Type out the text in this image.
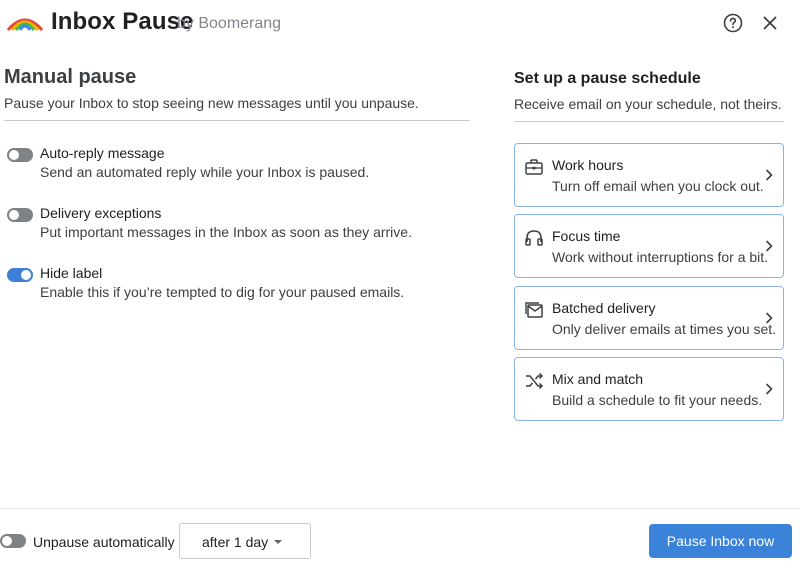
Inbox Pause
by Boomerang
Manual pause
Pause your Inbox to stop seeing new messages until you unpause.
Auto-reply message
Send an automated reply while your Inbox is paused.
Delivery exceptions
Put important messages in the Inbox as soon as they arrive.
Hide label
Enable this if you’re tempted to dig for your paused emails.
Set up a pause schedule
Receive email on your schedule, not theirs.
Work hours
Turn off email when you clock out.
Focus time
Work without interruptions for a bit.
Batched delivery
Only deliver emails at times you set.
Mix and match
Build a schedule to fit your needs.
Unpause automatically after 1 day	Pause Inbox now
